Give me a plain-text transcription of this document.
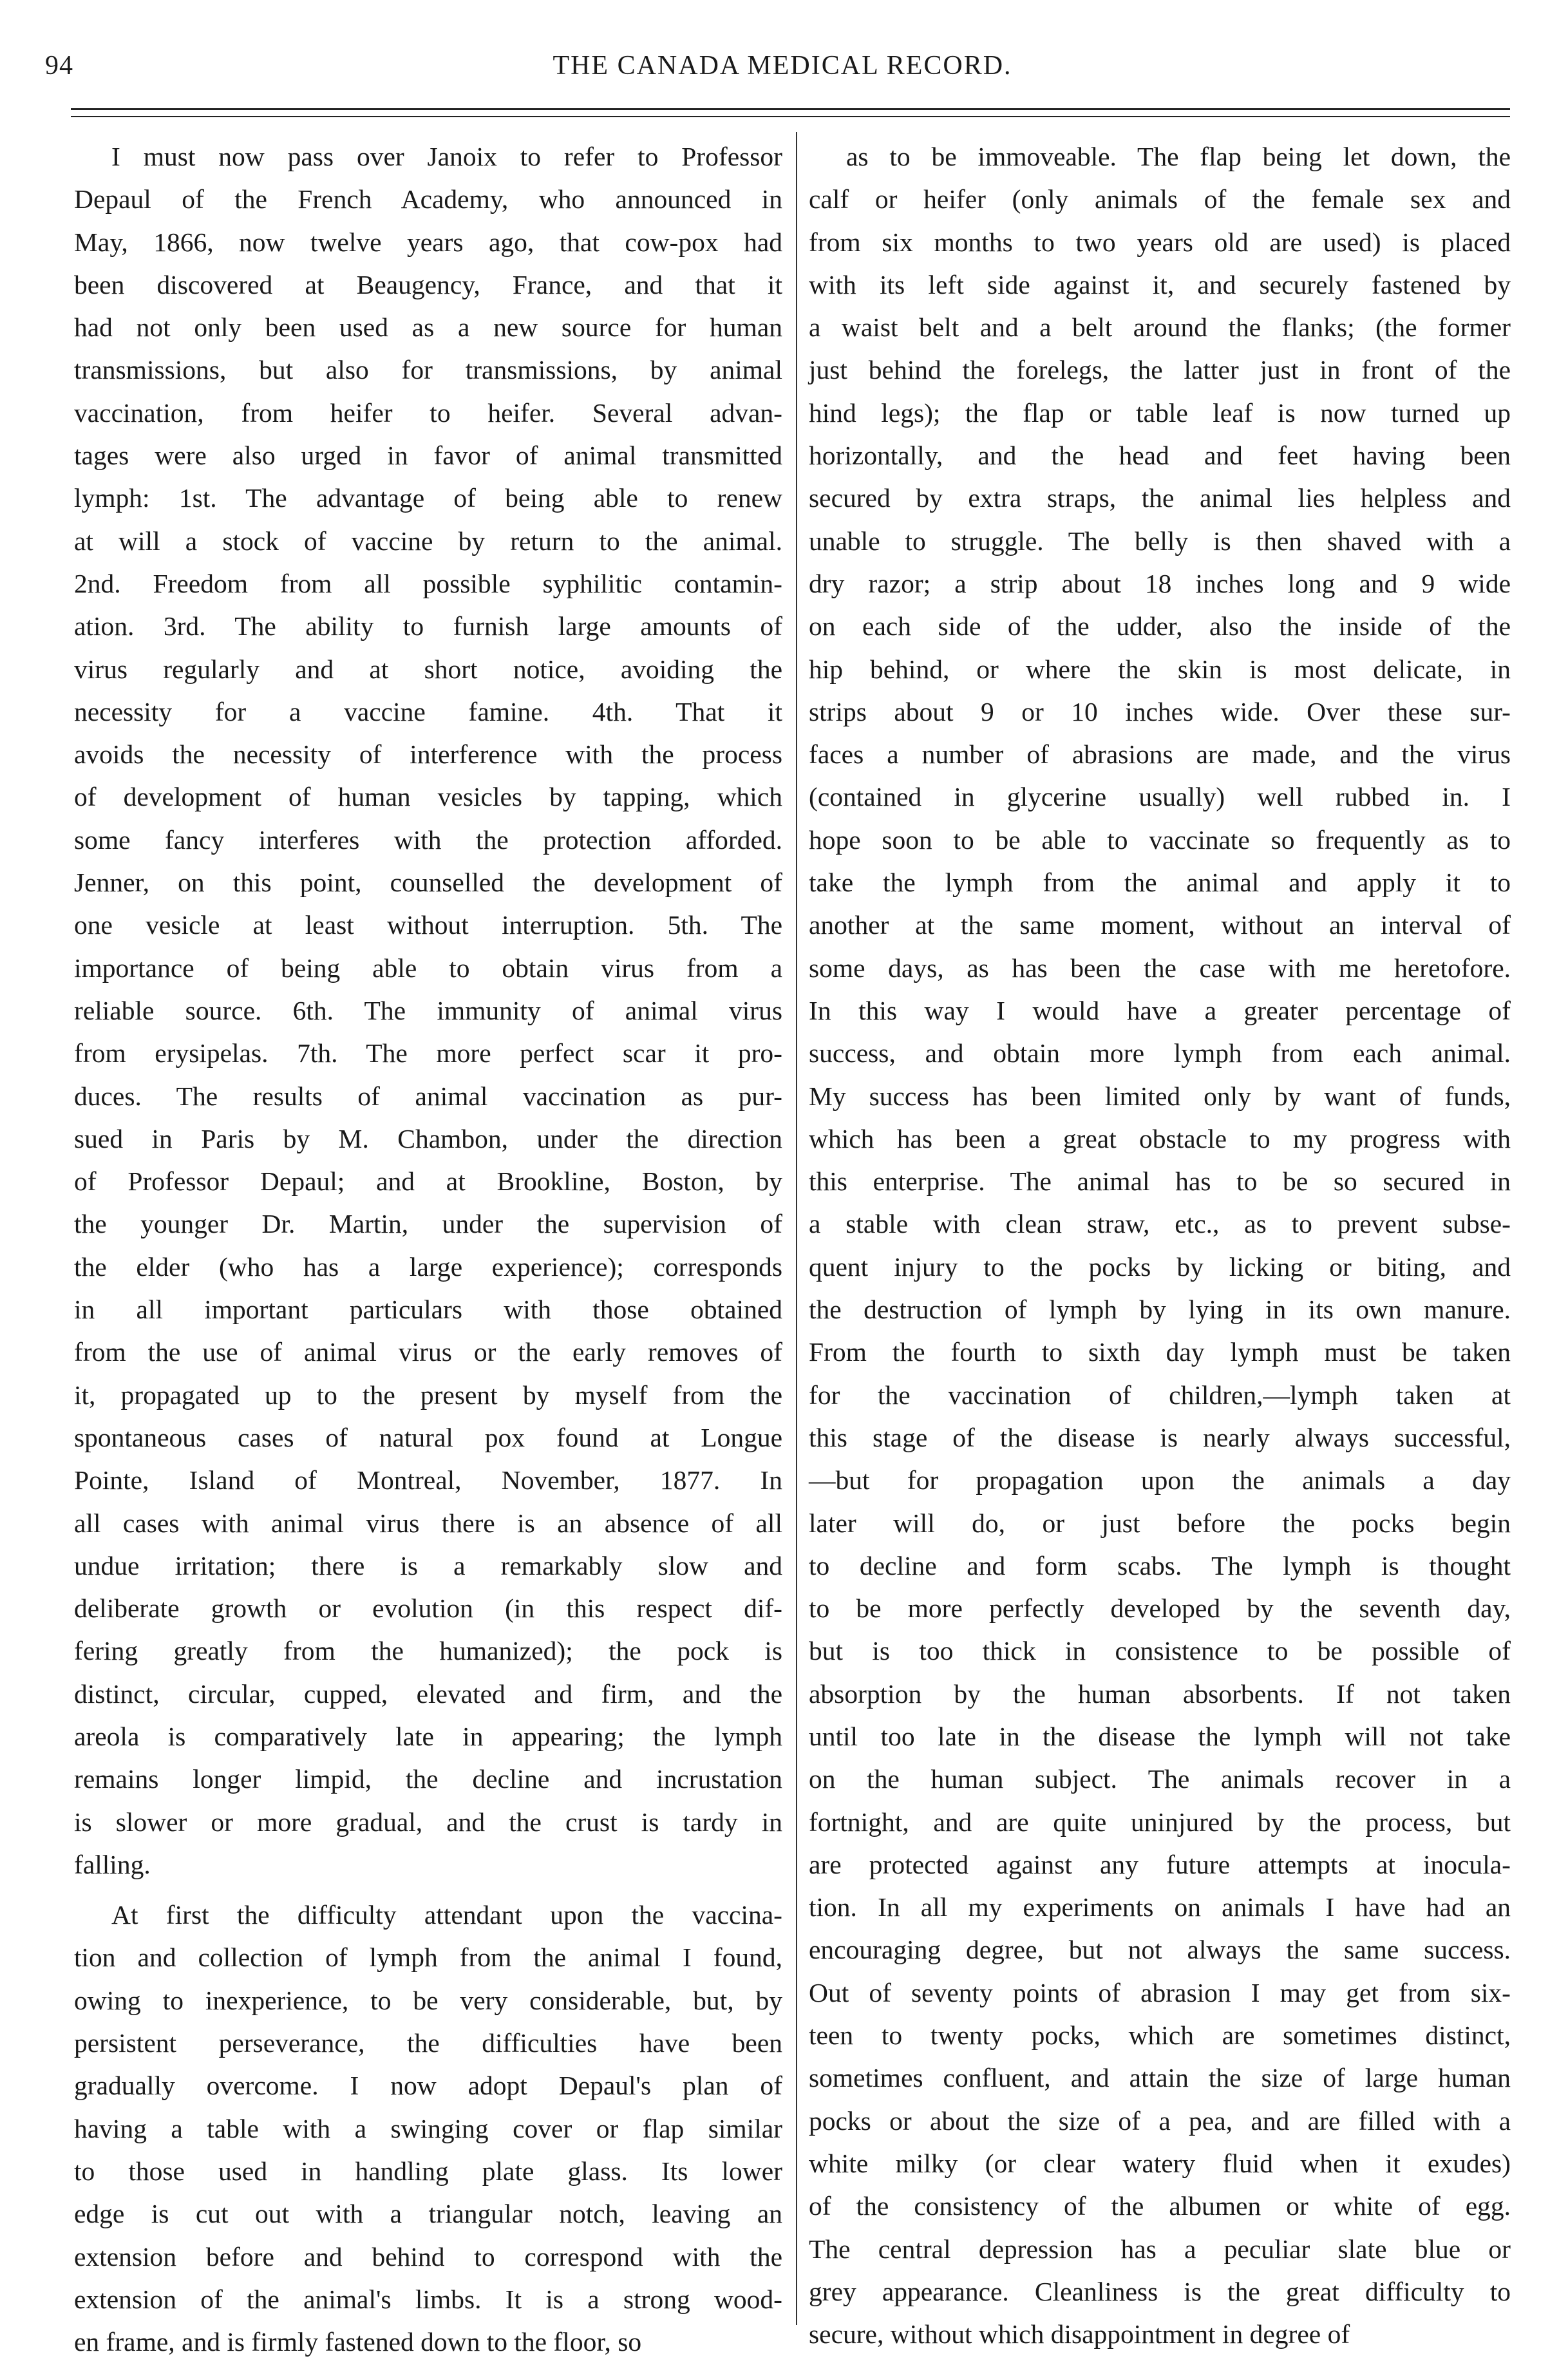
94	THE CANADA MEDICAL RECORD.

I must now pass over Janoix to refer to Professor
Depaul of the French Academy, who announced in
May, 1866, now twelve years ago, that cow-pox had
been discovered at Beaugency, France, and that it
had not only been used as a new source for human
transmissions, but also for transmissions, by animal
vaccination, from heifer to heifer. Several advan-
tages were also urged in favor of animal transmitted
lymph: 1st. The advantage of being able to renew
at will a stock of vaccine by return to the animal.
2nd. Freedom from all possible syphilitic contamin-
ation. 3rd. The ability to furnish large amounts of
virus regularly and at short notice, avoiding the
necessity for a vaccine famine. 4th. That it
avoids the necessity of interference with the process
of development of human vesicles by tapping, which
some fancy interferes with the protection afforded.
Jenner, on this point, counselled the development of
one vesicle at least without interruption. 5th. The
importance of being able to obtain virus from a
reliable source. 6th. The immunity of animal virus
from erysipelas. 7th. The more perfect scar it pro-
duces. The results of animal vaccination as pur-
sued in Paris by M. Chambon, under the direction
of Professor Depaul; and at Brookline, Boston, by
the younger Dr. Martin, under the supervision of
the elder (who has a large experience); corresponds
in all important particulars with those obtained
from the use of animal virus or the early removes of
it, propagated up to the present by myself from the
spontaneous cases of natural pox found at Longue
Pointe, Island of Montreal, November, 1877. In
all cases with animal virus there is an absence of all
undue irritation; there is a remarkably slow and
deliberate growth or evolution (in this respect dif-
fering greatly from the humanized); the pock is
distinct, circular, cupped, elevated and firm, and the
areola is comparatively late in appearing; the lymph
remains longer limpid, the decline and incrustation
is slower or more gradual, and the crust is tardy in
falling.

At first the difficulty attendant upon the vaccina-
tion and collection of lymph from the animal I found,
owing to inexperience, to be very considerable, but, by
persistent perseverance, the difficulties have been
gradually overcome. I now adopt Depaul's plan of
having a table with a swinging cover or flap similar
to those used in handling plate glass. Its lower
edge is cut out with a triangular notch, leaving an
extension before and behind to correspond with the
extension of the animal's limbs. It is a strong wood-
en frame, and is firmly fastened down to the floor, so

as to be immoveable. The flap being let down, the
calf or heifer (only animals of the female sex and
from six months to two years old are used) is placed
with its left side against it, and securely fastened by
a waist belt and a belt around the flanks; (the former
just behind the forelegs, the latter just in front of the
hind legs); the flap or table leaf is now turned up
horizontally, and the head and feet having been
secured by extra straps, the animal lies helpless and
unable to struggle. The belly is then shaved with a
dry razor; a strip about 18 inches long and 9 wide
on each side of the udder, also the inside of the
hip behind, or where the skin is most delicate, in
strips about 9 or 10 inches wide. Over these sur-
faces a number of abrasions are made, and the virus
(contained in glycerine usually) well rubbed in. I
hope soon to be able to vaccinate so frequently as to
take the lymph from the animal and apply it to
another at the same moment, without an interval of
some days, as has been the case with me heretofore.
In this way I would have a greater percentage of
success, and obtain more lymph from each animal.
My success has been limited only by want of funds,
which has been a great obstacle to my progress with
this enterprise. The animal has to be so secured in
a stable with clean straw, etc., as to prevent subse-
quent injury to the pocks by licking or biting, and
the destruction of lymph by lying in its own manure.
From the fourth to sixth day lymph must be taken
for the vaccination of children,—lymph taken at
this stage of the disease is nearly always successful,
—but for propagation upon the animals a day
later will do, or just before the pocks begin
to decline and form scabs. The lymph is thought
to be more perfectly developed by the seventh day,
but is too thick in consistence to be possible of
absorption by the human absorbents. If not taken
until too late in the disease the lymph will not take
on the human subject. The animals recover in a
fortnight, and are quite uninjured by the process, but
are protected against any future attempts at inocula-
tion. In all my experiments on animals I have had an
encouraging degree, but not always the same success.
Out of seventy points of abrasion I may get from six-
teen to twenty pocks, which are sometimes distinct,
sometimes confluent, and attain the size of large human
pocks or about the size of a pea, and are filled with a
white milky (or clear watery fluid when it exudes)
of the consistency of the albumen or white of egg.
The central depression has a peculiar slate blue or
grey appearance. Cleanliness is the great difficulty to
secure, without which disappointment in degree of
